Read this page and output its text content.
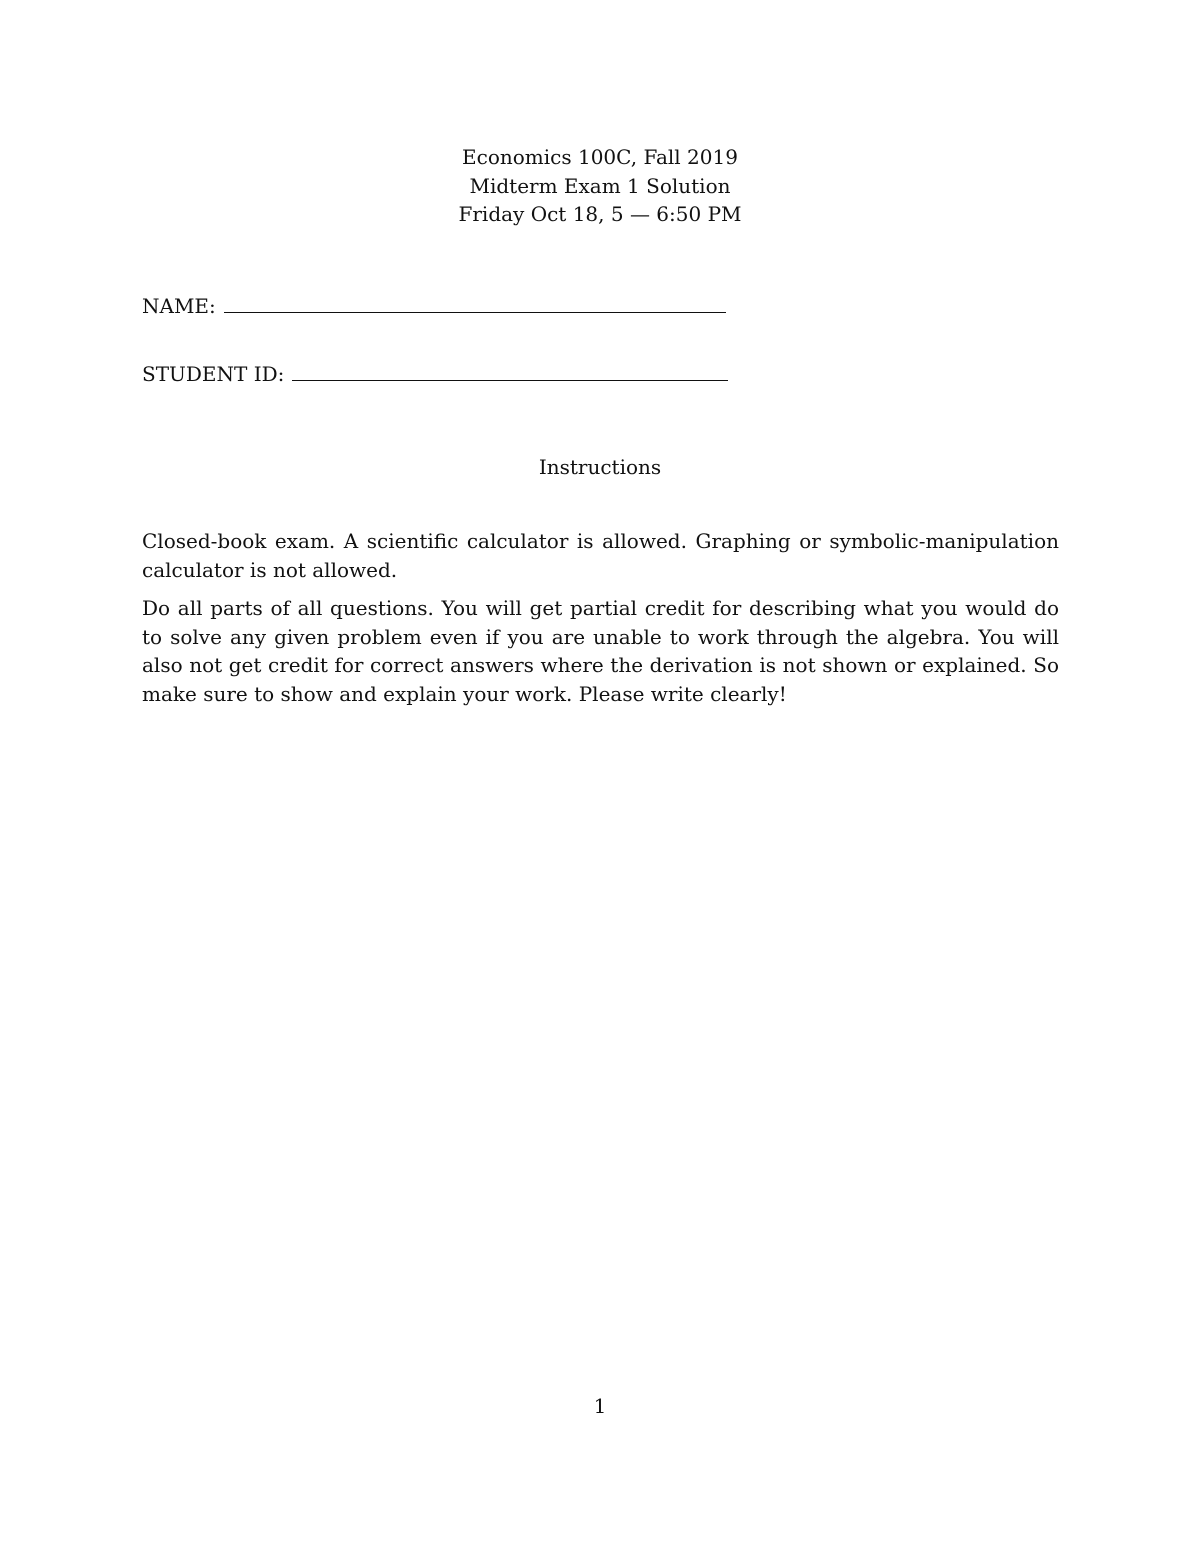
Economics 100C, Fall 2019
Midterm Exam 1 Solution
Friday Oct 18, 5 — 6:50 PM
NAME:
STUDENT ID:
Instructions

Closed-book exam. A scientific calculator is allowed. Graphing or symbolic-manipulation calculator is not allowed.

Do all parts of all questions. You will get partial credit for describing what you would do to solve any given problem even if you are unable to work through the algebra. You will also not get credit for correct answers where the derivation is not shown or explained. So make sure to show and explain your work. Please write clearly!

1
